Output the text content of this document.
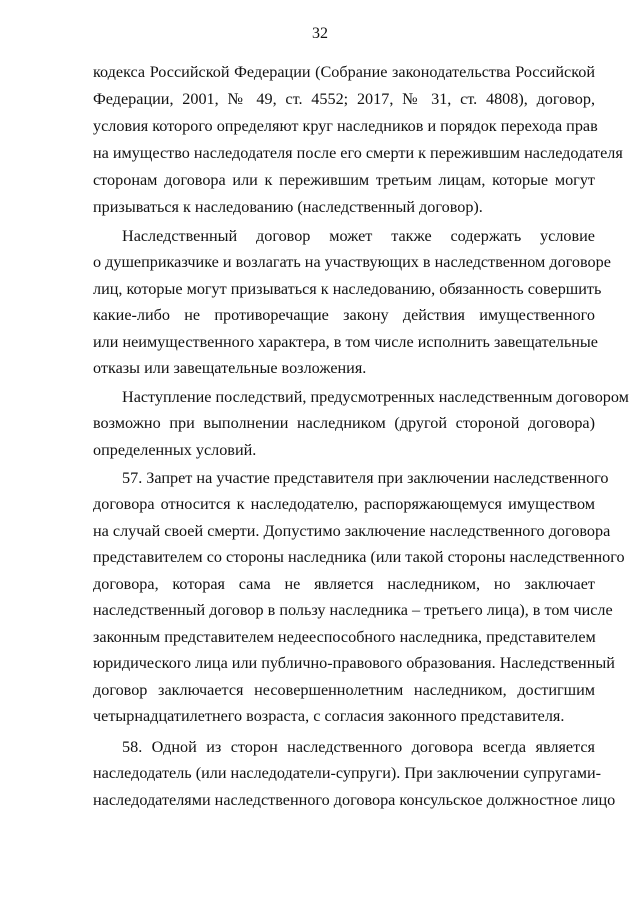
32
кодекса Российской Федерации (Собрание законодательства Российской
Федерации, 2001, № 49, ст. 4552; 2017, № 31, ст. 4808), договор,
условия которого определяют круг наследников и порядок перехода прав
на имущество наследодателя после его смерти к пережившим наследодателя
сторонам договора или к пережившим третьим лицам, которые могут
призываться к наследованию (наследственный договор).
Наследственный договор может также содержать условие
о душеприказчике и возлагать на участвующих в наследственном договоре
лиц, которые могут призываться к наследованию, обязанность совершить
какие-либо не противоречащие закону действия имущественного
или неимущественного характера, в том числе исполнить завещательные
отказы или завещательные возложения.
Наступление последствий, предусмотренных наследственным договором
возможно при выполнении наследником (другой стороной договора)
определенных условий.
57. Запрет на участие представителя при заключении наследственного
договора относится к наследодателю, распоряжающемуся имуществом
на случай своей смерти. Допустимо заключение наследственного договора
представителем со стороны наследника (или такой стороны наследственного
договора, которая сама не является наследником, но заключает
наследственный договор в пользу наследника – третьего лица), в том числе
законным представителем недееспособного наследника, представителем
юридического лица или публично-правового образования. Наследственный
договор заключается несовершеннолетним наследником, достигшим
четырнадцатилетнего возраста, с согласия законного представителя.
58. Одной из сторон наследственного договора всегда является
наследодатель (или наследодатели-супруги). При заключении супругами-
наследодателями наследственного договора консульское должностное лицо
